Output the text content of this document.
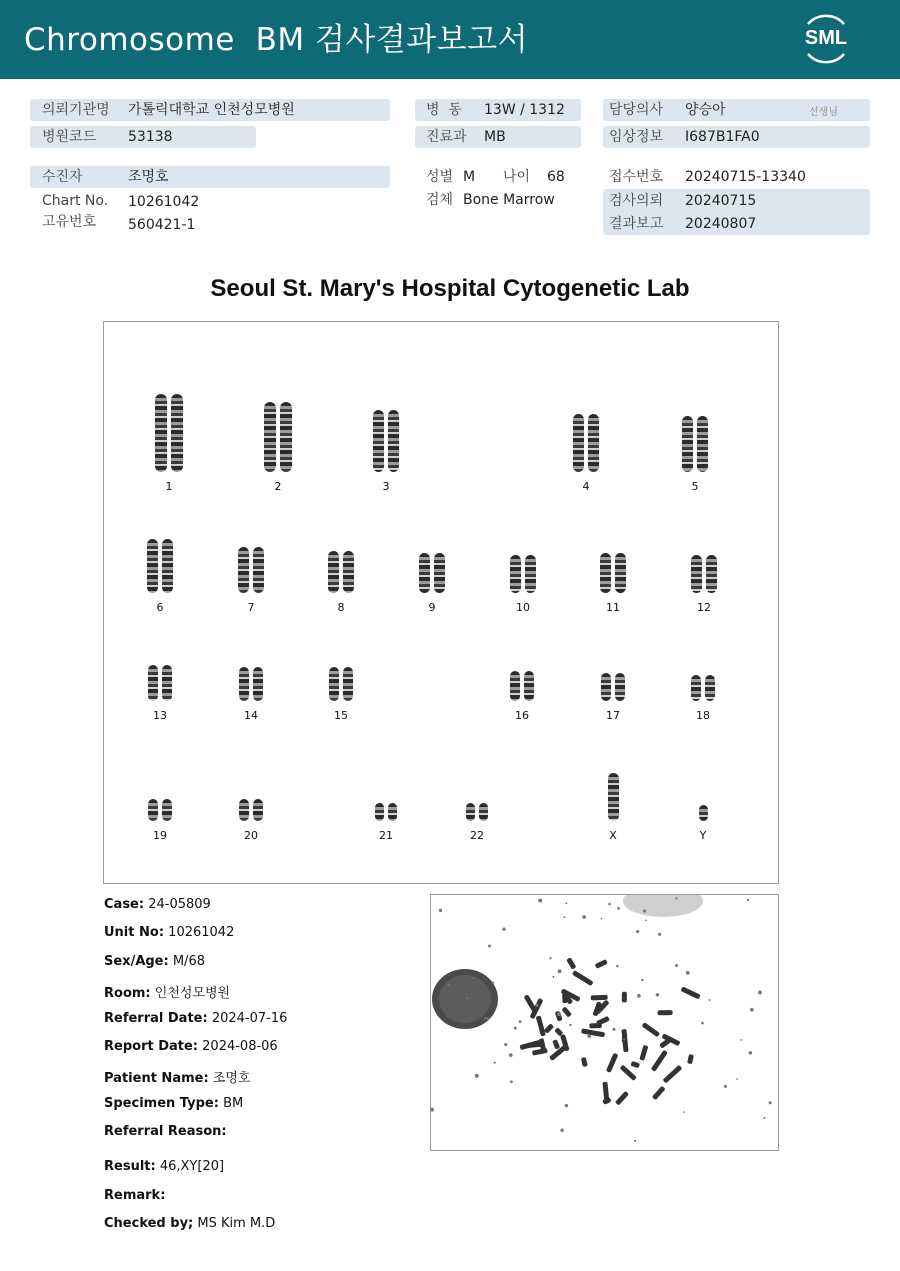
Chromosome  BM 검사결과보고서	SML
의뢰기관명 가톨릭대학교 인천성모병원
병원코드 53138
병  동 13W / 1312
진료과 MB
담당의사 양승아	선생님
임상정보 I687B1FA0
수진자	조명호
Chart No. 10261042
고유번호 560421-1
성별 M 나이 68
검체 Bone Marrow
접수번호 20240715-13340
검사의뢰 20240715
결과보고 20240807
Seoul St. Mary's Hospital Cytogenetic Lab
1	2	3	4	5
6	7	8	9	10	11	12
13	14	15	16	17	18
19	20	21	22	X	Y
Case: 24-05809
Unit No: 10261042
Sex/Age: M/68
Room: 인천성모병원
Referral Date: 2024-07-16
Report Date: 2024-08-06
Patient Name: 조명호
Specimen Type: BM
Referral Reason:
Result: 46,XY[20]
Remark:
Checked by; MS Kim M.D
